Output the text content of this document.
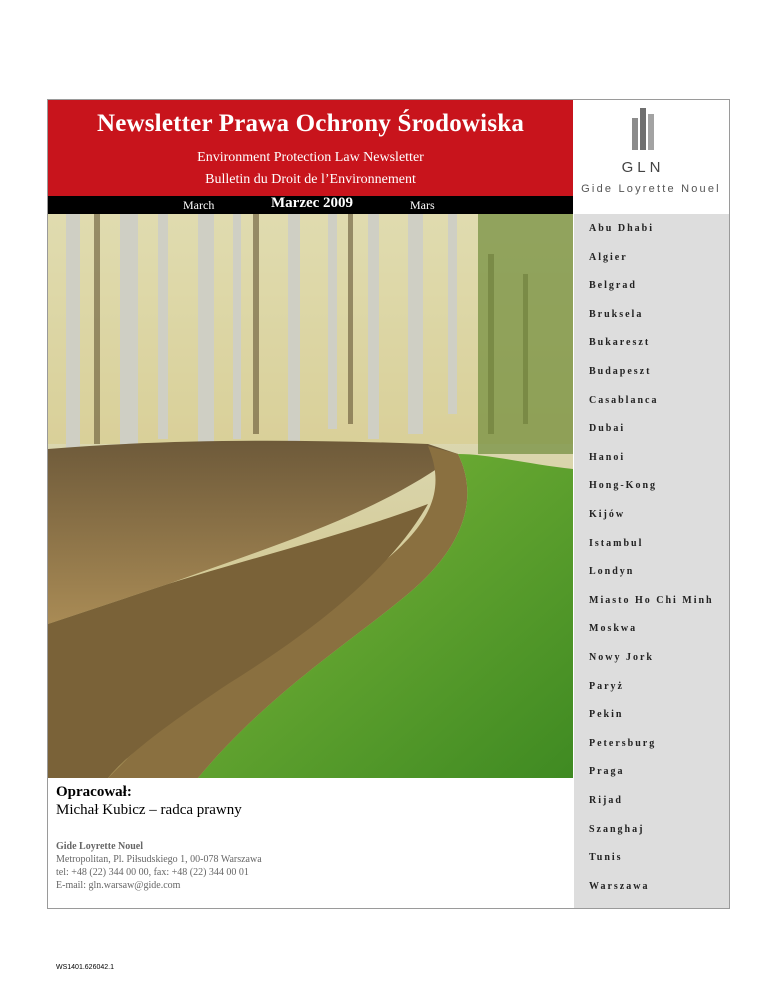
Newsletter Prawa Ochrony Środowiska
Environment Protection Law Newsletter
Bulletin du Droit de l’Environnement
March	Marzec 2009	Mars
GLN
Gide Loyrette Nouel
Abu Dhabi
Algier
Belgrad
Bruksela
Bukareszt
Budapeszt
Casablanca
Dubai
Hanoi
Hong-Kong
Kijów
Istambul
Londyn
Miasto Ho Chi Minh
Moskwa
Nowy Jork
Paryż
Pekin
Petersburg
Praga
Rijad
Szanghaj
Tunis
Warszawa
Opracował:
Michał Kubicz – radca prawny
Gide Loyrette Nouel
Metropolitan, Pl. Piłsudskiego 1, 00-078 Warszawa
tel: +48 (22) 344 00 00, fax: +48 (22) 344 00 01
E-mail: gln.warsaw@gide.com
WS1401.626042.1
